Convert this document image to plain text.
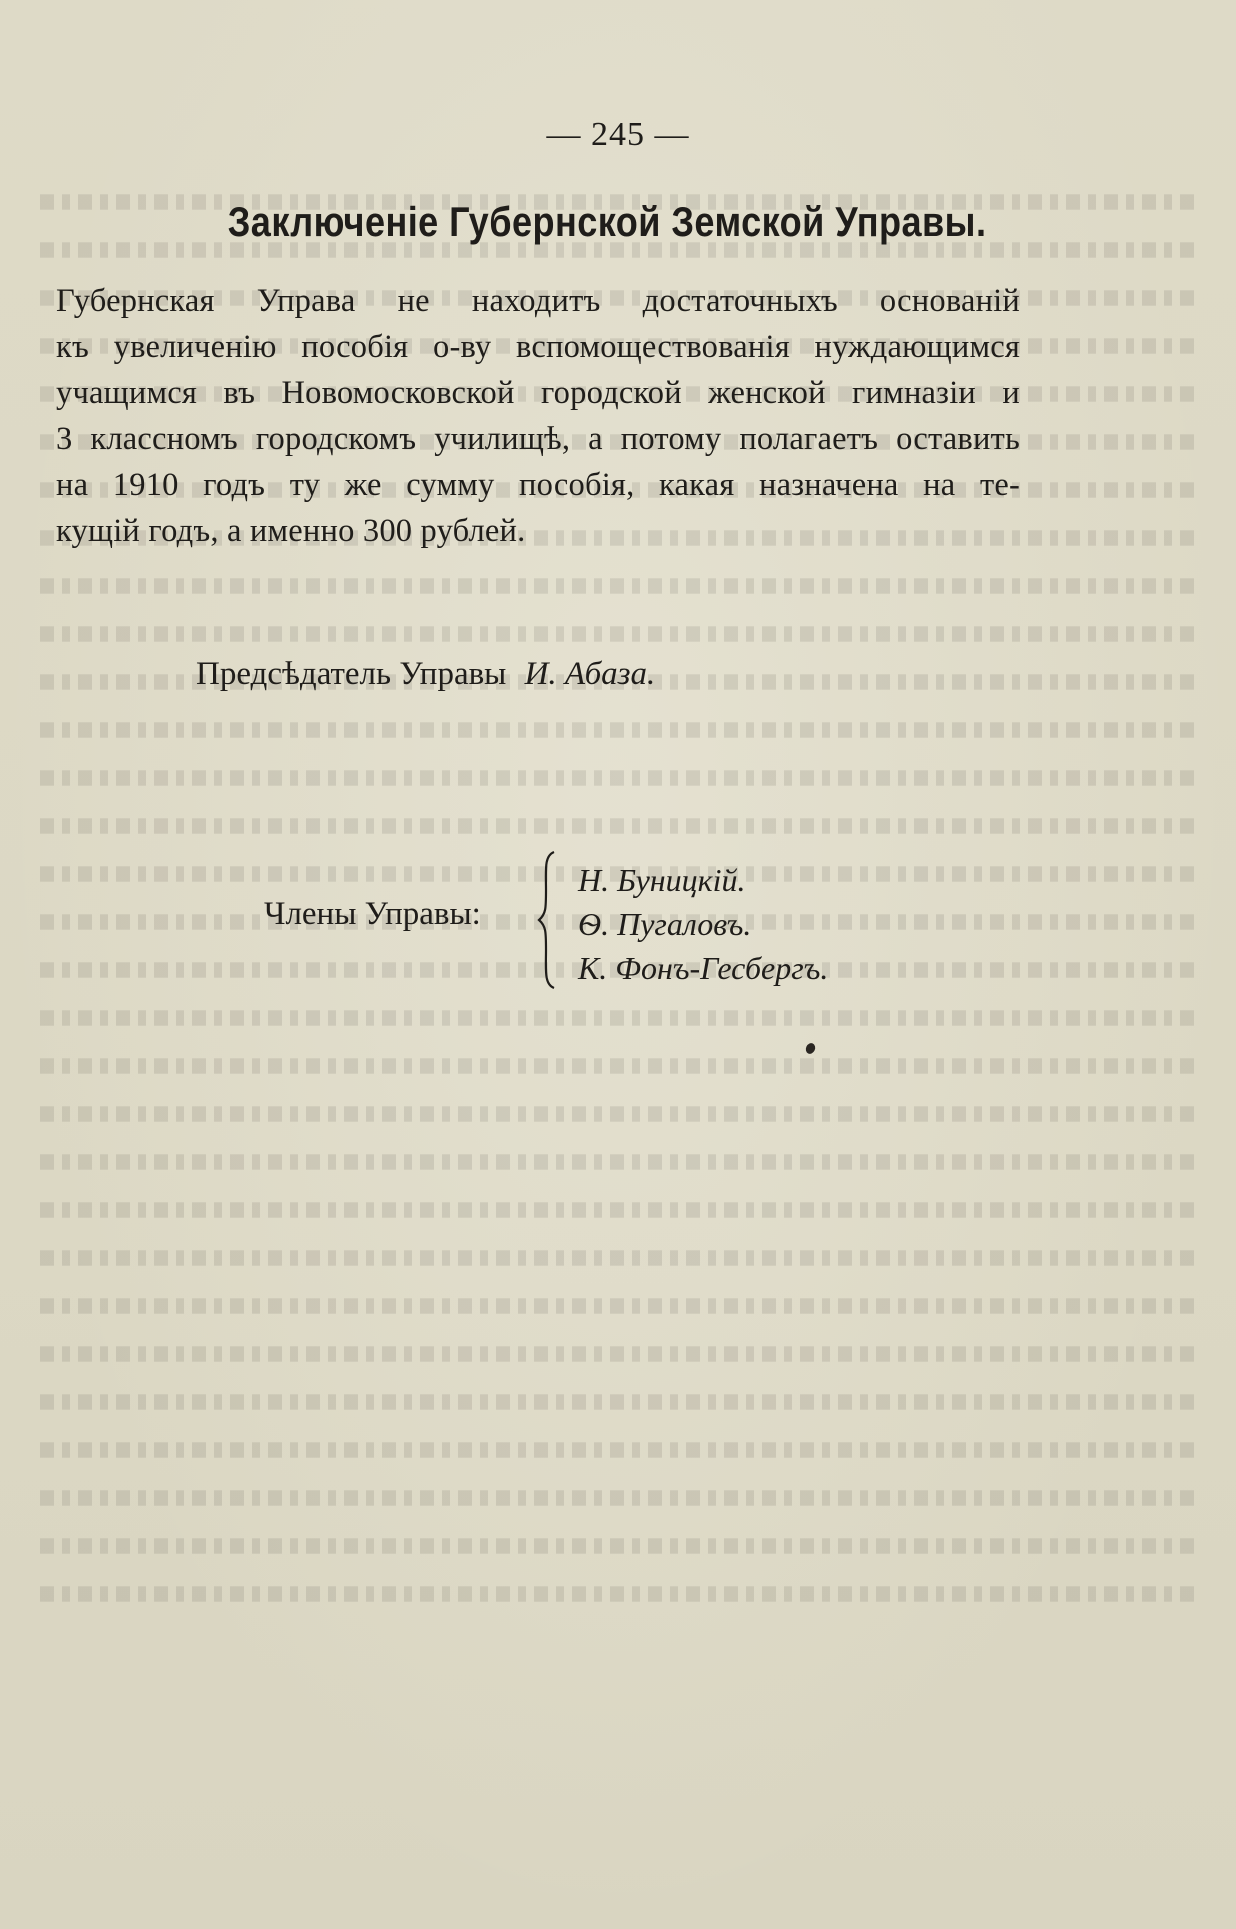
— 245 —
Заключеніе Губернской Земской Управы.
Губернская Управа не находитъ достаточныхъ основаній
къ увеличенію пособія о-ву вспомоществованія нуждающимся
учащимся въ Новомосковской городской женской гимназіи и
3 классномъ городскомъ училищѣ, а потому полагаетъ оставить
на 1910 годъ ту же сумму пособія, какая назначена на те-
кущій годъ, а именно 300 рублей.
Предсѣдатель Управы И. Абаза.
Члены Управы:
Н. Буницкій.
Ѳ. Пугаловъ.
К. Фонъ-Гесбергъ.
